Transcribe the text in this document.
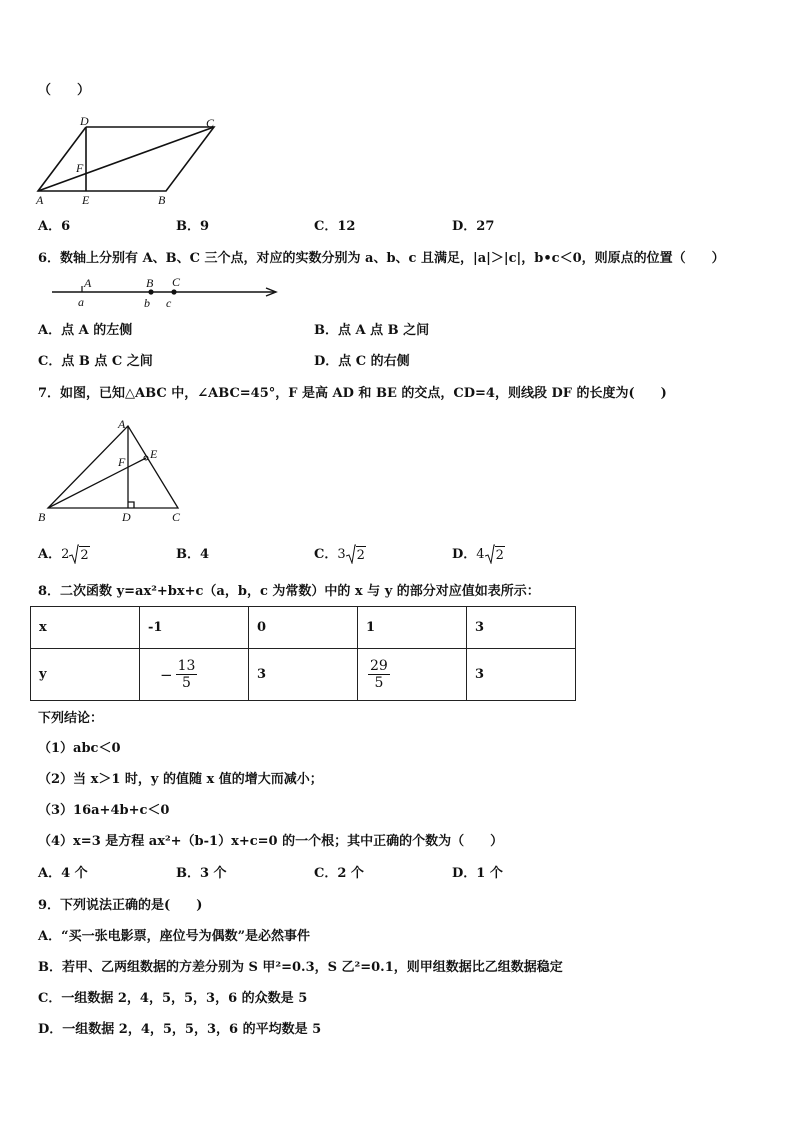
（　　）
D	C
F
A	E	B
A．6	B．9	C．12	D．27
6．数轴上分别有 A、B、C 三个点，对应的实数分别为 a、b、c 且满足，|a|＞|c|，b•c＜0，则原点的位置（　　）
A	B C
a	b c
A．点 A 的左侧	B．点 A 点 B 之间
C．点 B 点 C 之间	D．点 C 的右侧
7．如图，已知△ABC 中，∠ABC=45°，F 是高 AD 和 BE 的交点，CD=4，则线段 DF 的长度为(　　)
A
E
F
B	D	C
A． 2 2	B．4	C． 3 2	D． 4 2
8．二次函数 y=ax²+bx+c（a，b，c 为常数）中的 x 与 y 的部分对应值如表所示：
x	-1	0	1	3
y	− $\frac{13}{5}$	3	$\frac{29}{5}$	3
下列结论：
（1）abc＜0
（2）当 x＞1 时，y 的值随 x 值的增大而减小；
（3）16a+4b+c＜0
（4）x=3 是方程 ax²+（b-1）x+c=0 的一个根；其中正确的个数为（　　）
A．4 个	B．3 个	C．2 个	D．1 个
9．下列说法正确的是(　　)
A．“买一张电影票，座位号为偶数”是必然事件
B．若甲、乙两组数据的方差分别为 S 甲²=0.3，S 乙²=0.1，则甲组数据比乙组数据稳定
C．一组数据 2，4，5，5，3，6 的众数是 5
D．一组数据 2，4，5，5，3，6 的平均数是 5
